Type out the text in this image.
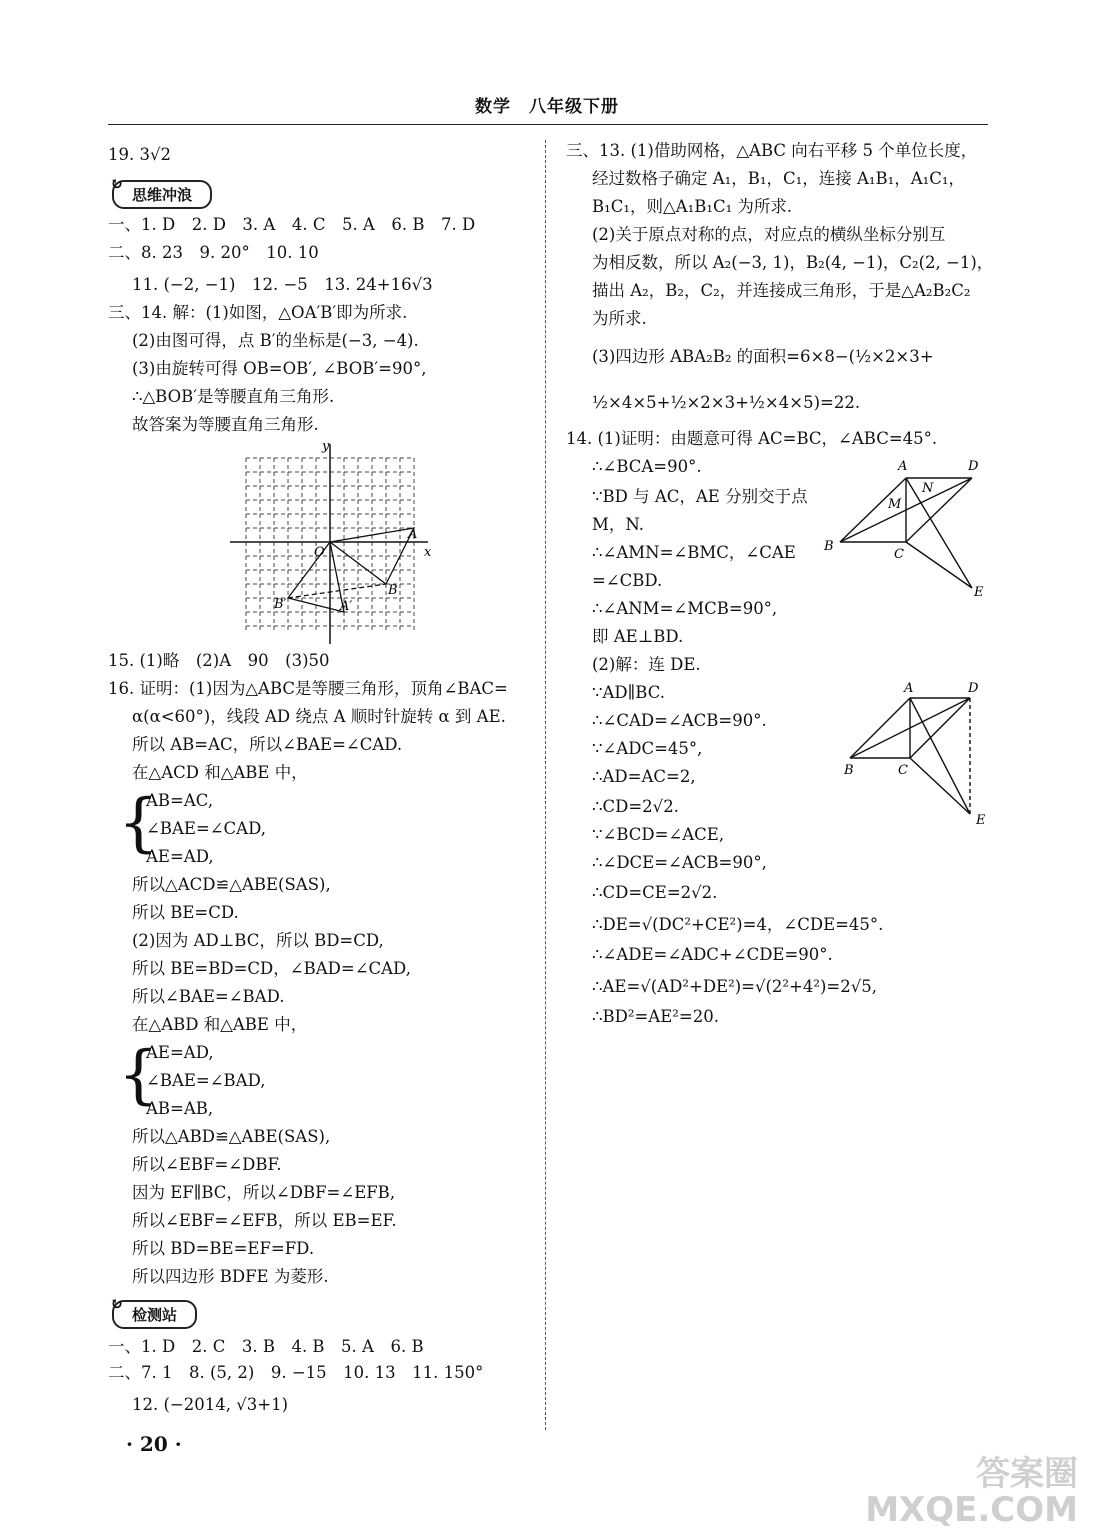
数学　八年级下册
19. 3√2
↻
思维冲浪
一、1. D　2. D　3. A　4. C　5. A　6. B　7. D
二、8. 23　9. 20°　10. 10
11. (−2, −1)　12. −5　13. 24+16√3
三、14. 解：(1)如图，△OA′B′即为所求.
(2)由图可得，点 B′的坐标是(−3, −4).
(3)由旋转可得 OB=OB′, ∠BOB′=90°,
∴△BOB′是等腰直角三角形.
故答案为等腰直角三角形.
y
x
O
B
B′	A′
A
15. (1)略　(2)A　90　(3)50
16. 证明：(1)因为△ABC是等腰三角形，顶角∠BAC=
α(α<60°)，线段 AD 绕点 A 顺时针旋转 α 到 AE.
所以 AB=AC，所以∠BAE=∠CAD.
在△ACD 和△ABE 中，
{
AB=AC,
∠BAE=∠CAD,
AE=AD,
所以△ACD≌△ABE(SAS),
所以 BE=CD.
(2)因为 AD⊥BC，所以 BD=CD,
所以 BE=BD=CD，∠BAD=∠CAD,
所以∠BAE=∠BAD.
在△ABD 和△ABE 中，
{
AE=AD,
∠BAE=∠BAD,
AB=AB,
所以△ABD≌△ABE(SAS),
所以∠EBF=∠DBF.
因为 EF∥BC，所以∠DBF=∠EFB,
所以∠EBF=∠EFB，所以 EB=EF.
所以 BD=BE=EF=FD.
所以四边形 BDFE 为菱形.
↻
检测站
一、1. D　2. C　3. B　4. B　5. A　6. B
二、7. 1　8. (5, 2)　9. −15　10. 13　11. 150°
12. (−2014, √3+1)
三、13. (1)借助网格，△ABC 向右平移 5 个单位长度，
经过数格子确定 A₁，B₁，C₁，连接 A₁B₁，A₁C₁，
B₁C₁，则△A₁B₁C₁ 为所求.
(2)关于原点对称的点，对应点的横纵坐标分别互
为相反数，所以 A₂(−3, 1)，B₂(4, −1)，C₂(2, −1)，
描出 A₂，B₂，C₂，并连接成三角形，于是△A₂B₂C₂
为所求.
(3)四边形 ABA₂B₂ 的面积=6×8−(½×2×3+
½×4×5+½×2×3+½×4×5)=22.
14. (1)证明：由题意可得 AC=BC，∠ABC=45°.
∴∠BCA=90°.
∵BD 与 AC，AE 分别交于点
M，N.
∴∠AMN=∠BMC，∠CAE
=∠CBD.
∴∠ANM=∠MCB=90°,
即 AE⊥BD.
(2)解：连 DE.
∵AD∥BC.
∴∠CAD=∠ACB=90°.
∵∠ADC=45°,
∴AD=AC=2,
∴CD=2√2.
∵∠BCD=∠ACE,
∴∠DCE=∠ACB=90°,
∴CD=CE=2√2.
∴DE=√(DC²+CE²)=4，∠CDE=45°.
∴∠ADE=∠ADC+∠CDE=90°.
∴AE=√(AD²+DE²)=√(2²+4²)=2√5,
∴BD²=AE²=20.
A	D
M
N
B
C
E
A	D
B	C
E
· 20 ·
答案圈
MXQE.COM
